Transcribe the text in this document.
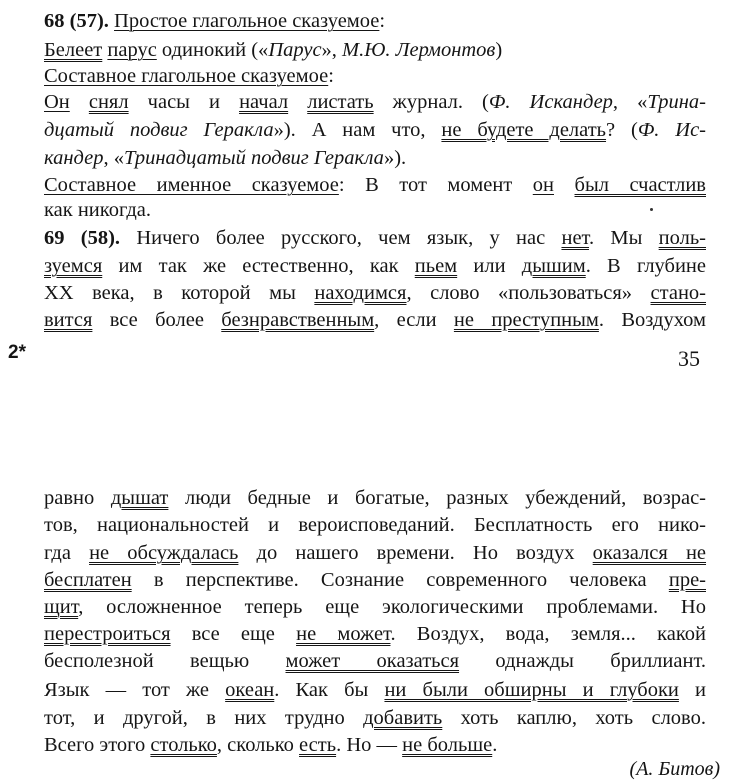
68 (57). Простое глагольное сказуемое:
Белеет парус одинокий («Парус», М.Ю. Лермонтов)
Составное глагольное сказуемое:
Он снял часы и начал листать журнал. (Ф. Искандер, «Трина-
дцатый подвиг Геракла»). А нам что, не будете делать? (Ф. Ис-
кандер, «Тринадцатый подвиг Геракла»).
Составное именное сказуемое: В тот момент он был счастлив
как никогда.
69 (58). Ничего более русского, чем язык, у нас нет. Мы поль-
зуемся им так же естественно, как пьем или дышим. В глубине
XX века, в которой мы находимся, слово «пользоваться» стано-
вится все более безнравственным, если не преступным. Воздухом
2*	35
равно дышат люди бедные и богатые, разных убеждений, возрас-
тов, национальностей и вероисповеданий. Бесплатность его нико-
гда не обсуждалась до нашего времени. Но воздух оказался не
бесплатен в перспективе. Сознание современного человека пре-
щит, осложненное теперь еще экологическими проблемами. Но
перестроиться все еще не может. Воздух, вода, земля... какой
бесполезной вещью может оказаться однажды бриллиант.
Язык — тот же океан. Как бы ни были обширны и глубоки и
тот, и другой, в них трудно добавить хоть каплю, хоть слово.
Всего этого столько, сколько есть. Но — не больше.
(А. Битов)
